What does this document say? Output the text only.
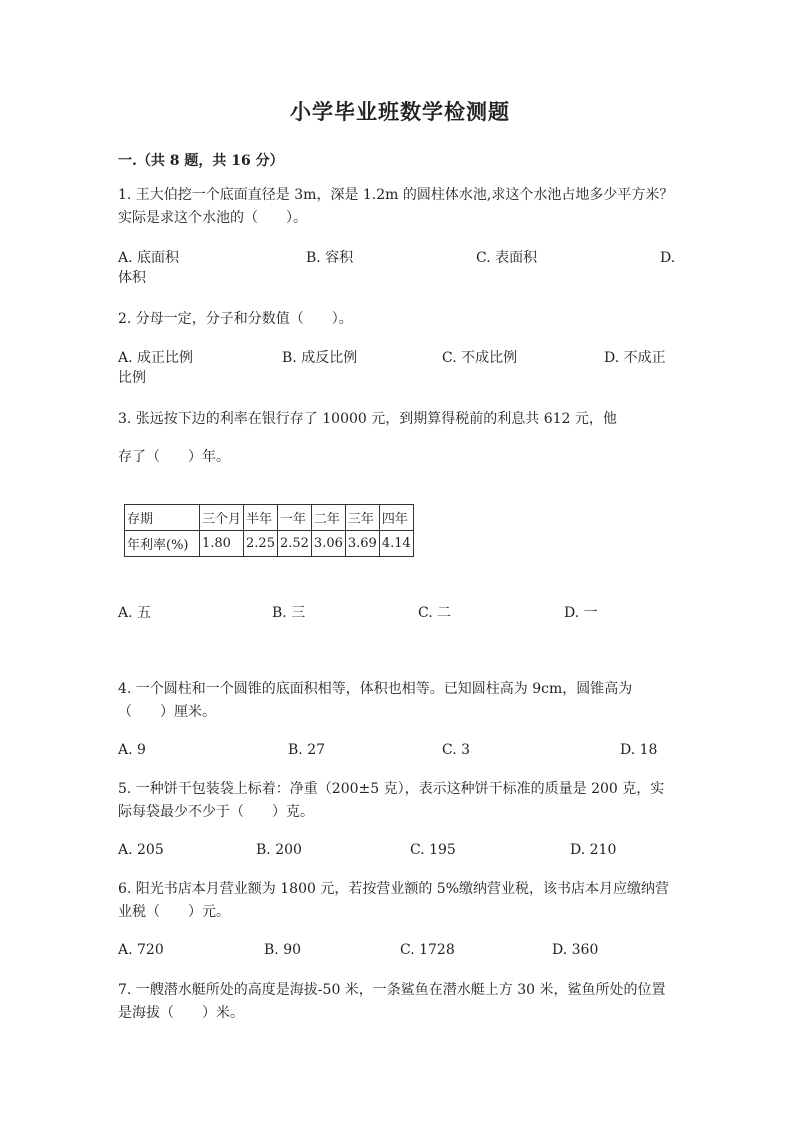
小学毕业班数学检测题
一.（共 8 题，共 16 分）
1. 王大伯挖一个底面直径是 3m，深是 1.2m 的圆柱体水池,求这个水池占地多少平方米？实际是求这个水池的（　　）。
A. 底面积	B. 容积	C. 表面积	D.
体积
2. 分母一定，分子和分数值（　　）。
A. 成正比例	B. 成反比例	C. 不成比例	D. 不成正
比例
3. 张远按下边的利率在银行存了 10000 元，到期算得税前的利息共 612 元，他
存了（　　）年。
存期	三个月	半年	一年	二年	三年	四年
年利率(%)	1.80	2.25	2.52	3.06	3.69	4.14
A. 五	B. 三	C. 二	D. 一
4. 一个圆柱和一个圆锥的底面积相等，体积也相等。已知圆柱高为 9cm，圆锥高为（　　）厘米。
A. 9	B. 27	C. 3	D. 18
5. 一种饼干包装袋上标着：净重（200±5 克），表示这种饼干标准的质量是 200 克，实际每袋最少不少于（　　）克。
A. 205	B. 200	C. 195	D. 210
6. 阳光书店本月营业额为 1800 元，若按营业额的 5%缴纳营业税，该书店本月应缴纳营业税（　　）元。
A. 720	B. 90	C. 1728	D. 360
7. 一艘潜水艇所处的高度是海拔-50 米，一条鲨鱼在潜水艇上方 30 米，鲨鱼所处的位置是海拔（　　）米。
